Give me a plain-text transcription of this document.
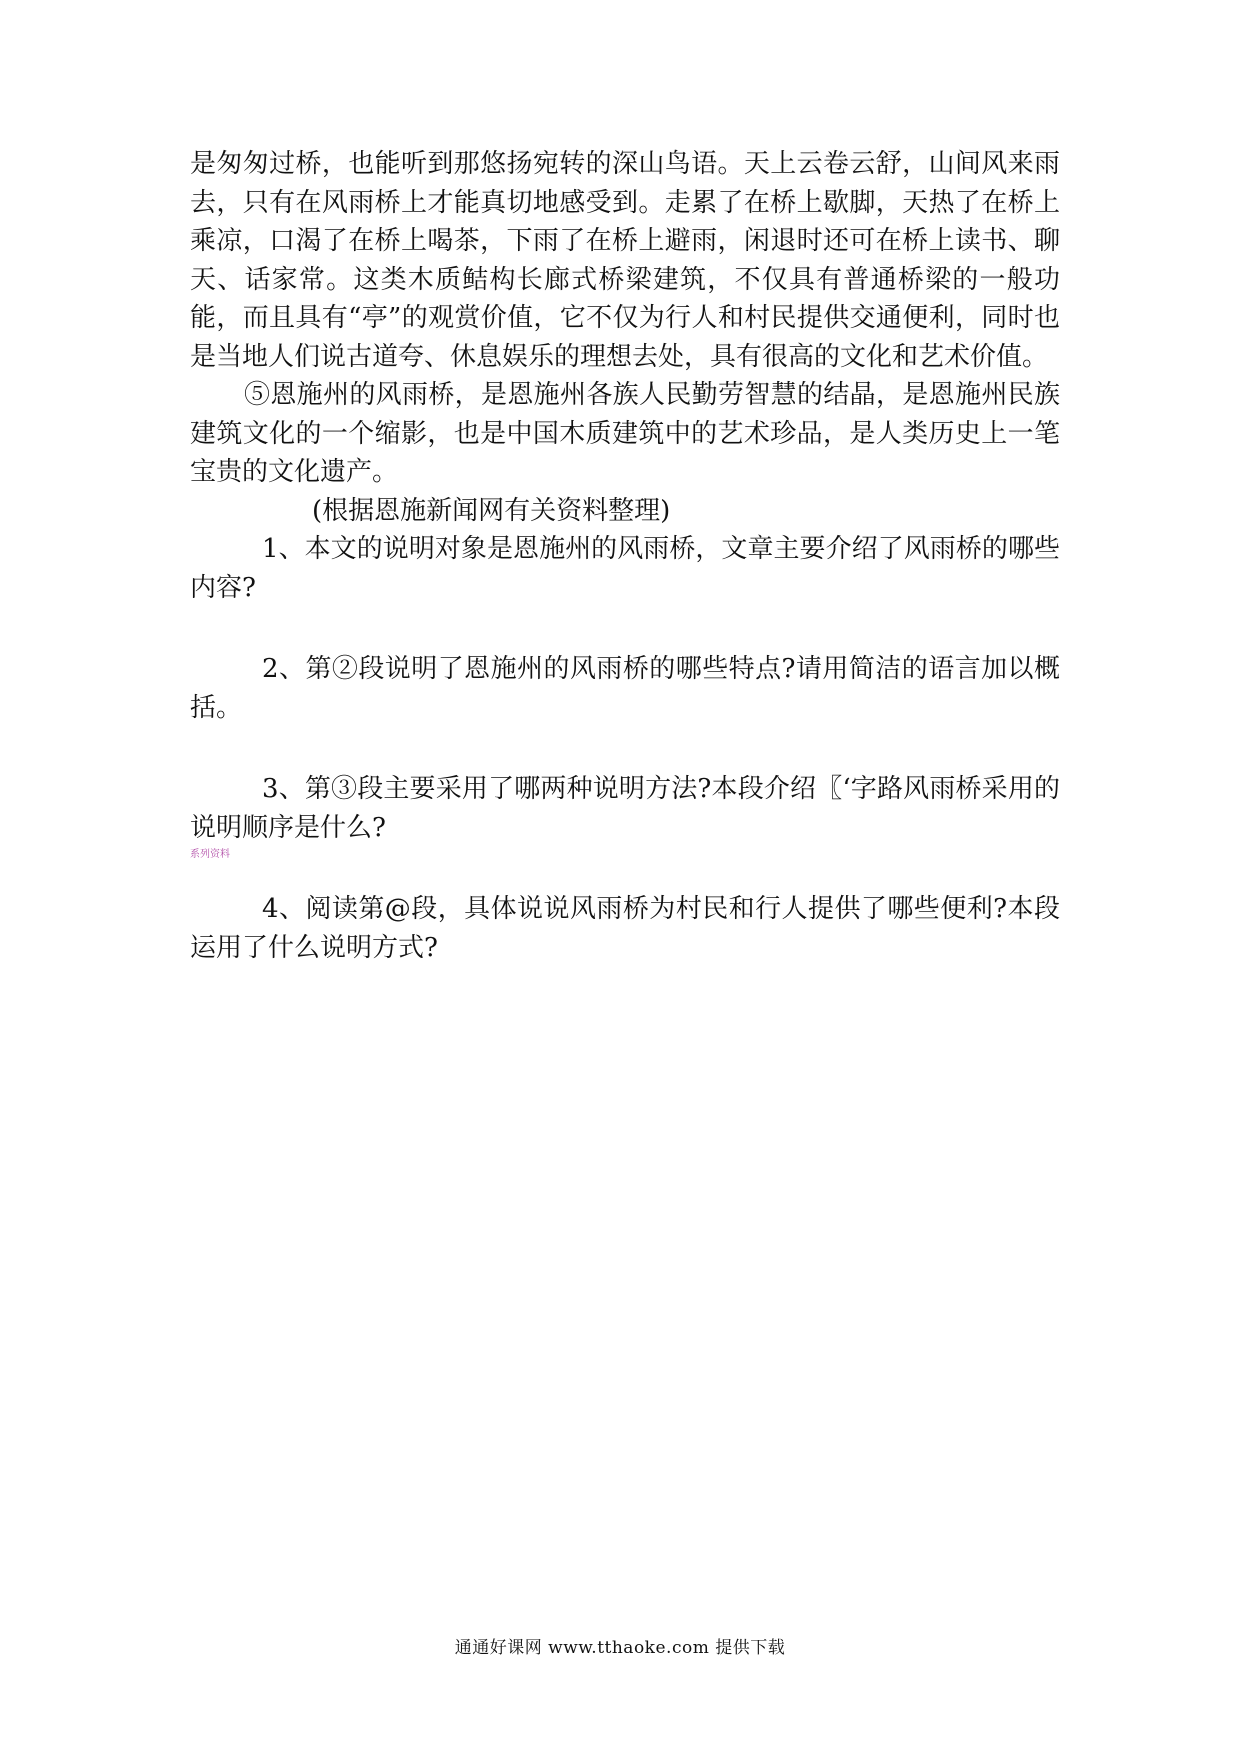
是匆匆过桥，也能听到那悠扬宛转的深山鸟语。天上云卷云舒，山间风来雨去，只有在风雨桥上才能真切地感受到。走累了在桥上歇脚，天热了在桥上乘凉，口渴了在桥上喝茶，下雨了在桥上避雨，闲退时还可在桥上读书、聊天、话家常。这类木质鲒构长廊式桥梁建筑，不仅具有普通桥梁的一般功能，而且具有“亭”的观赏价值，它不仅为行人和村民提供交通便利，同时也是当地人们说古道夸、休息娱乐的理想去处，具有很高的文化和艺术价值。

⑤恩施州的风雨桥，是恩施州各族人民勤劳智慧的结晶，是恩施州民族建筑文化的一个缩影，也是中国木质建筑中的艺术珍品，是人类历史上一笔宝贵的文化遗产。

(根据恩施新闻网有关资料整理)

1、本文的说明对象是恩施州的风雨桥，文章主要介绍了风雨桥的哪些内容?

2、第②段说明了恩施州的风雨桥的哪些特点?请用简洁的语言加以概括。

3、第③段主要采用了哪两种说明方法?本段介绍〖‘字路风雨桥采用的说明顺序是什么?

4、阅读第@段，具体说说风雨桥为村民和行人提供了哪些便利?本段运用了什么说明方式?

系列资料
通通好课网 www.tthaoke.com 提供下载
